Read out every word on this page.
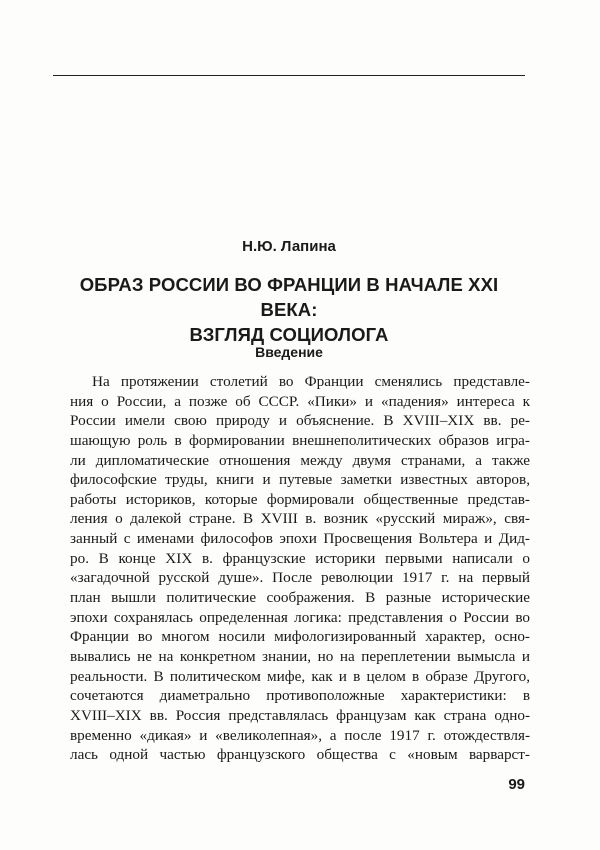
Н.Ю. Лапина
ОБРАЗ РОССИИ ВО ФРАНЦИИ В НАЧАЛЕ XXI ВЕКА:
ВЗГЛЯД СОЦИОЛОГА
Введение
На протяжении столетий во Франции сменялись представле-
ния о России, а позже об СССР. «Пики» и «падения» интереса к
России имели свою природу и объяснение. В XVIII–XIX вв. ре-
шающую роль в формировании внешнеполитических образов игра-
ли дипломатические отношения между двумя странами, а также
философские труды, книги и путевые заметки известных авторов,
работы историков, которые формировали общественные представ-
ления о далекой стране. В XVIII в. возник «русский мираж», свя-
занный с именами философов эпохи Просвещения Вольтера и Дид-
ро. В конце XIX в. французские историки первыми написали о
«загадочной русской душе». После революции 1917 г. на первый
план вышли политические соображения. В разные исторические
эпохи сохранялась определенная логика: представления о России во
Франции во многом носили мифологизированный характер, осно-
вывались не на конкретном знании, но на переплетении вымысла и
реальности. В политическом мифе, как и в целом в образе Другого,
сочетаются диаметрально противоположные характеристики: в
XVIII–XIX вв. Россия представлялась французам как страна одно-
временно «дикая» и «великолепная», а после 1917 г. отождествля-
лась одной частью французского общества с «новым варварст-
99
